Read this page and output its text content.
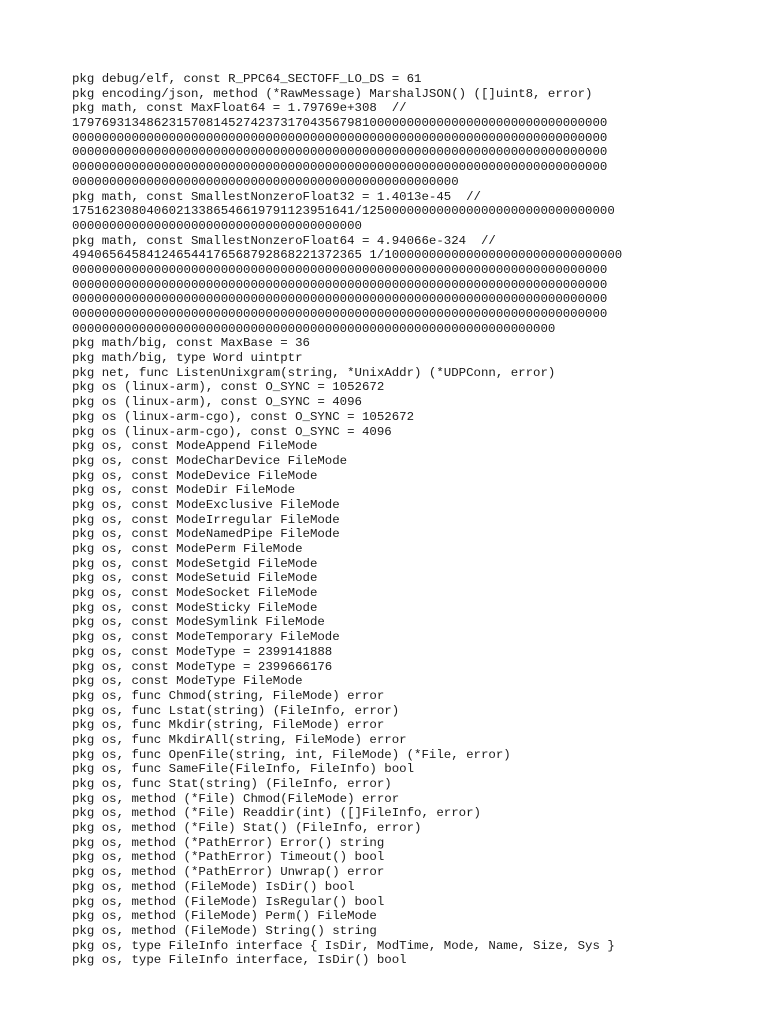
pkg debug/elf, const R_PPC64_SECTOFF_LO_DS = 61
pkg encoding/json, method (*RawMessage) MarshalJSON() ([]uint8, error)
pkg math, const MaxFloat64 = 1.79769e+308  //
179769313486231570814527423731704356798100000000000000000000000000000000
000000000000000000000000000000000000000000000000000000000000000000000000
000000000000000000000000000000000000000000000000000000000000000000000000
000000000000000000000000000000000000000000000000000000000000000000000000
0000000000000000000000000000000000000000000000000000
pkg math, const SmallestNonzeroFloat32 = 1.4013e-45  //
17516230804060213386546619791123951641/1250000000000000000000000000000000
000000000000000000000000000000000000000
pkg math, const SmallestNonzeroFloat64 = 4.94066e-324  //
494065645841246544176568792868221372365 1/10000000000000000000000000000000
000000000000000000000000000000000000000000000000000000000000000000000000
000000000000000000000000000000000000000000000000000000000000000000000000
000000000000000000000000000000000000000000000000000000000000000000000000
000000000000000000000000000000000000000000000000000000000000000000000000
00000000000000000000000000000000000000000000000000000000000000000
pkg math/big, const MaxBase = 36
pkg math/big, type Word uintptr
pkg net, func ListenUnixgram(string, *UnixAddr) (*UDPConn, error)
pkg os (linux-arm), const O_SYNC = 1052672
pkg os (linux-arm), const O_SYNC = 4096
pkg os (linux-arm-cgo), const O_SYNC = 1052672
pkg os (linux-arm-cgo), const O_SYNC = 4096
pkg os, const ModeAppend FileMode
pkg os, const ModeCharDevice FileMode
pkg os, const ModeDevice FileMode
pkg os, const ModeDir FileMode
pkg os, const ModeExclusive FileMode
pkg os, const ModeIrregular FileMode
pkg os, const ModeNamedPipe FileMode
pkg os, const ModePerm FileMode
pkg os, const ModeSetgid FileMode
pkg os, const ModeSetuid FileMode
pkg os, const ModeSocket FileMode
pkg os, const ModeSticky FileMode
pkg os, const ModeSymlink FileMode
pkg os, const ModeTemporary FileMode
pkg os, const ModeType = 2399141888
pkg os, const ModeType = 2399666176
pkg os, const ModeType FileMode
pkg os, func Chmod(string, FileMode) error
pkg os, func Lstat(string) (FileInfo, error)
pkg os, func Mkdir(string, FileMode) error
pkg os, func MkdirAll(string, FileMode) error
pkg os, func OpenFile(string, int, FileMode) (*File, error)
pkg os, func SameFile(FileInfo, FileInfo) bool
pkg os, func Stat(string) (FileInfo, error)
pkg os, method (*File) Chmod(FileMode) error
pkg os, method (*File) Readdir(int) ([]FileInfo, error)
pkg os, method (*File) Stat() (FileInfo, error)
pkg os, method (*PathError) Error() string
pkg os, method (*PathError) Timeout() bool
pkg os, method (*PathError) Unwrap() error
pkg os, method (FileMode) IsDir() bool
pkg os, method (FileMode) IsRegular() bool
pkg os, method (FileMode) Perm() FileMode
pkg os, method (FileMode) String() string
pkg os, type FileInfo interface { IsDir, ModTime, Mode, Name, Size, Sys }
pkg os, type FileInfo interface, IsDir() bool
